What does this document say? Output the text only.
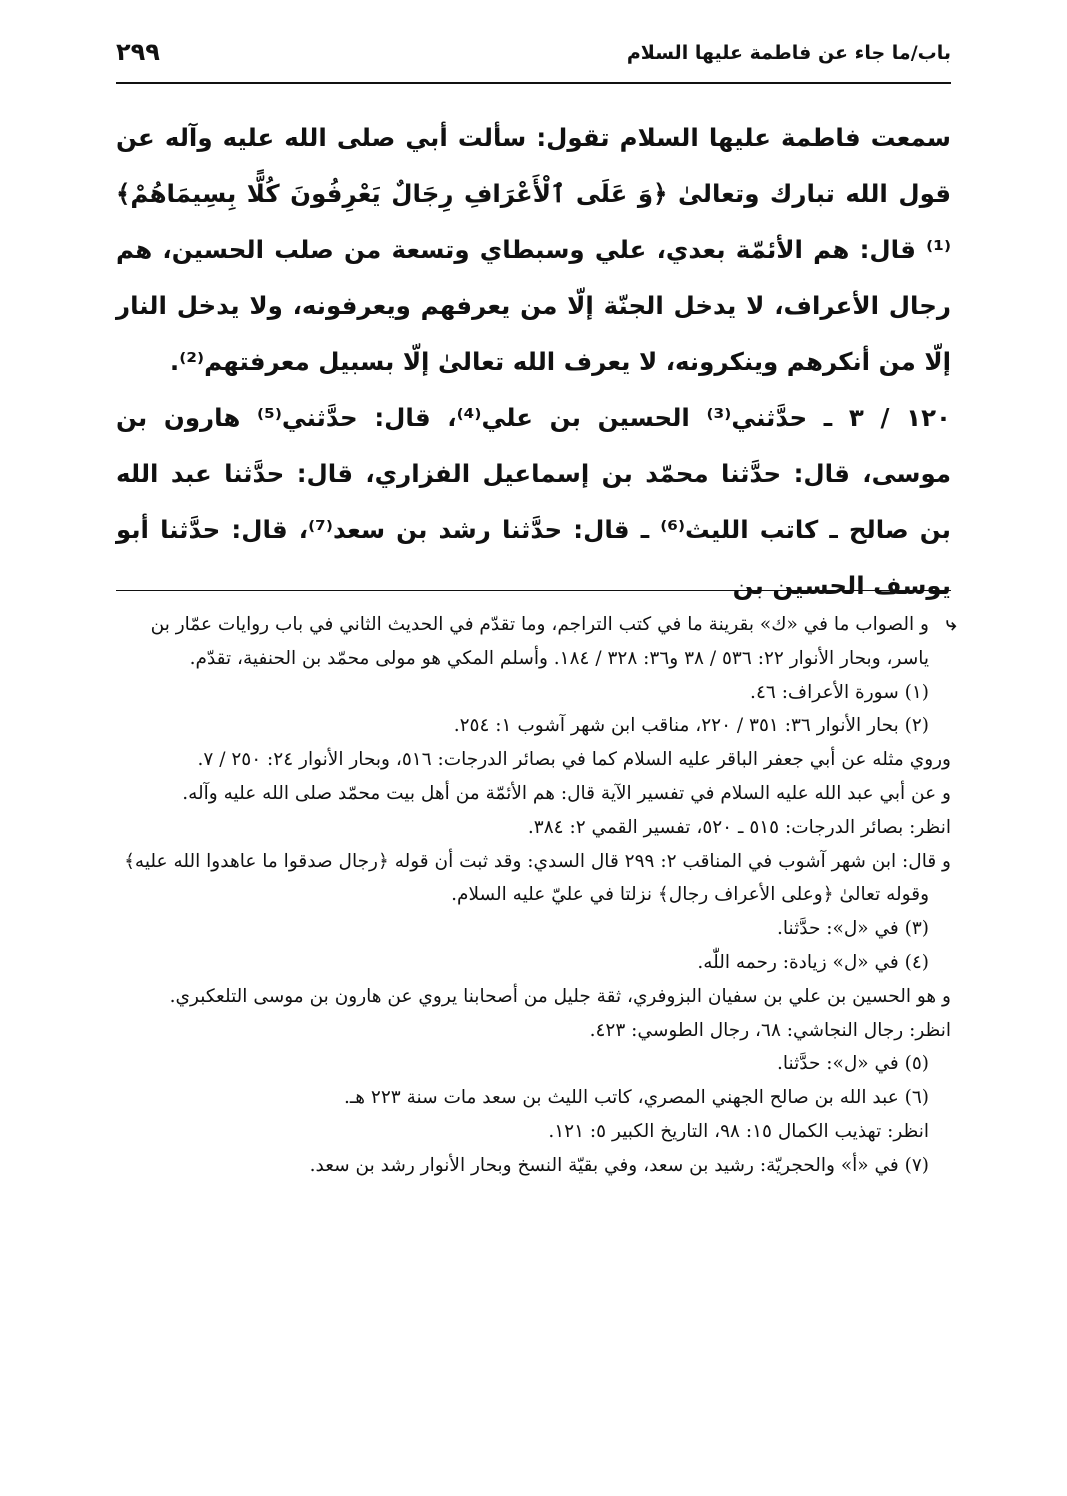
باب/ما جاء عن فاطمة عليها السلام
٢٩٩

سمعت فاطمة عليها السلام تقول: سألت أبي صلى الله عليه وآله عن قول الله تبارك وتعالىٰ ﴿وَ عَلَى ٱلْأَعْرَافِ رِجَالٌ يَعْرِفُونَ كُلًّا بِسِيمَاهُمْ﴾⁽¹⁾ قال: هم الأئمّة بعدي، علي وسبطاي وتسعة من صلب الحسين، هم رجال الأعراف، لا يدخل الجنّة إلّا من يعرفهم ويعرفونه، ولا يدخل النار إلّا من أنكرهم وينكرونه، لا يعرف الله تعالىٰ إلّا بسبيل معرفتهم⁽²⁾.

١٢٠ / ٣ ـ حدَّثني⁽³⁾ الحسين بن علي⁽⁴⁾، قال: حدَّثني⁽⁵⁾ هارون بن موسى، قال: حدَّثنا محمّد بن إسماعيل الفزاري، قال: حدَّثنا عبد الله بن صالح ـ كاتب الليث⁽⁶⁾ ـ قال: حدَّثنا رشد بن سعد⁽⁷⁾، قال: حدَّثنا أبو يوسف الحسين بن

⤷و الصواب ما في «ك» بقرينة ما في كتب التراجم، وما تقدّم في الحديث الثاني في باب روايات عمّار بن ياسر، وبحار الأنوار ٢٢: ٥٣٦ / ٣٨ و٣٦: ٣٢٨ / ١٨٤. وأسلم المكي هو مولى محمّد بن الحنفية، تقدّم.

(١) سورة الأعراف: ٤٦.

(٢) بحار الأنوار ٣٦: ٣٥١ / ٢٢٠، مناقب ابن شهر آشوب ١: ٢٥٤.

وروي مثله عن أبي جعفر الباقر عليه السلام كما في بصائر الدرجات: ٥١٦، وبحار الأنوار ٢٤: ٢٥٠ / ٧.

و عن أبي عبد الله عليه السلام في تفسير الآية قال: هم الأئمّة من أهل بيت محمّد صلى الله عليه وآله.

انظر: بصائر الدرجات: ٥١٥ ـ ٥٢٠، تفسير القمي ٢: ٣٨٤.

و قال: ابن شهر آشوب في المناقب ٢: ٢٩٩ قال السدي: وقد ثبت أن قوله ﴿رجال صدقوا ما عاهدوا الله عليه﴾ وقوله تعالىٰ ﴿وعلى الأعراف رجال﴾ نزلتا في عليّ عليه السلام.

(٣) في «ل»: حدَّثنا.

(٤) في «ل» زيادة: رحمه اللّٰه.

و هو الحسين بن علي بن سفيان البزوفري، ثقة جليل من أصحابنا يروي عن هارون بن موسى التلعكبري.

انظر: رجال النجاشي: ٦٨، رجال الطوسي: ٤٢٣.

(٥) في «ل»: حدَّثنا.

(٦) عبد الله بن صالح الجهني المصري، كاتب الليث بن سعد مات سنة ٢٢٣ هـ.

انظر: تهذيب الكمال ١٥: ٩٨، التاريخ الكبير ٥: ١٢١.

(٧) في «أ» والحجريّة: رشيد بن سعد، وفي بقيّة النسخ وبحار الأنوار رشد بن سعد.
